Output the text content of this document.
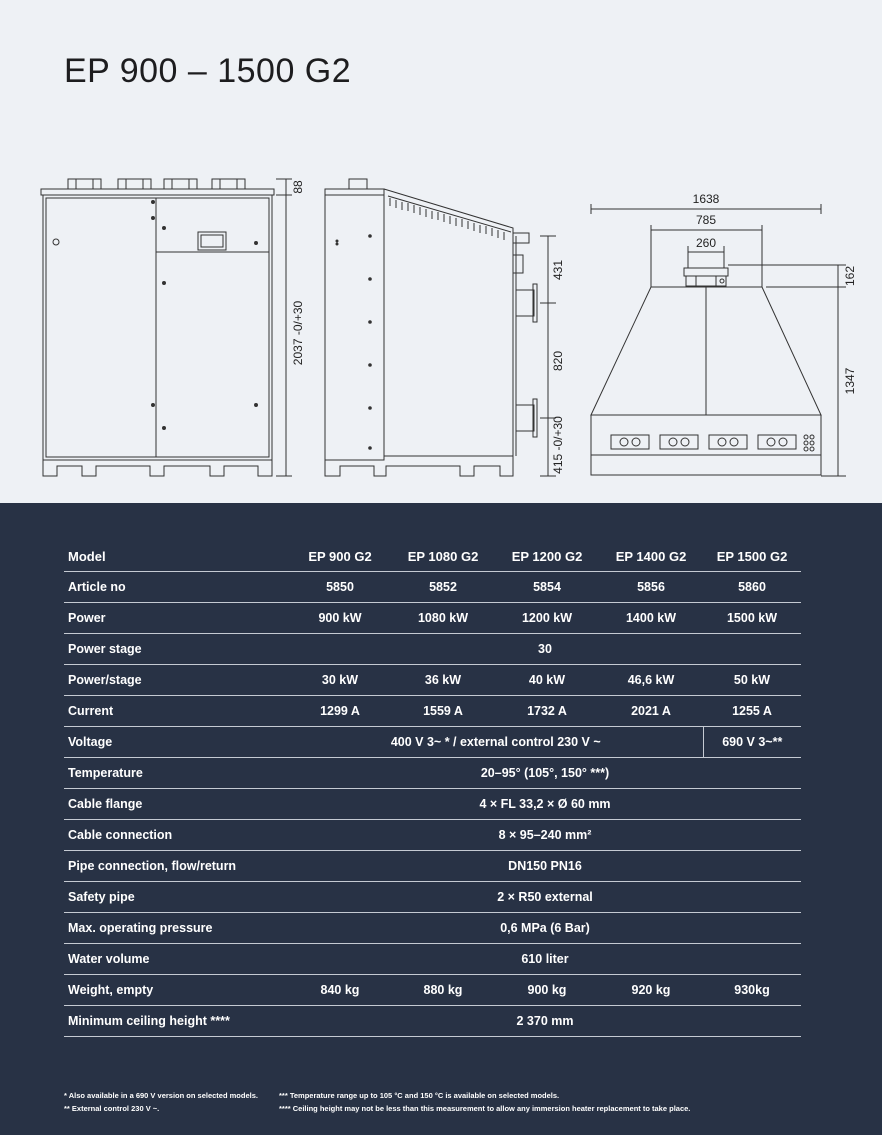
EP 900 – 1500 G2
88
2037 -0/+30
431
820
415 -0/+30
1638
785
260
162
1347
Model	EP 900 G2	EP 1080 G2	EP 1200 G2	EP 1400 G2	EP 1500 G2
Article no	5850	5852	5854	5856	5860
Power	900 kW	1080 kW	1200 kW	1400 kW	1500 kW
Power stage	30				
Power/stage	30 kW	36 kW	40 kW	46,6 kW	50 kW
Current	1299 A	1559 A	1732 A	2021 A	1255 A
Voltage	400 V 3~ * / external control 230 V ~				690 V 3~**
Temperature	20–95° (105°, 150° ***)				
Cable flange	4 × FL 33,2 × Ø 60 mm				
Cable connection	8 × 95–240 mm²				
Pipe connection, flow/return	DN150 PN16				
Safety pipe	2 × R50 external				
Max. operating pressure	0,6 MPa (6 Bar)				
Water volume	610 liter				
Weight, empty	840 kg	880 kg	900 kg	920 kg	930kg
Minimum ceiling height ****	2 370 mm				
* Also available in a 690 V version on selected models.
** External control 230 V ~.
*** Temperature range up to 105 °C and 150 °C is available on selected models.
**** Ceiling height may not be less than this measurement to allow any immersion heater replacement to take place.
